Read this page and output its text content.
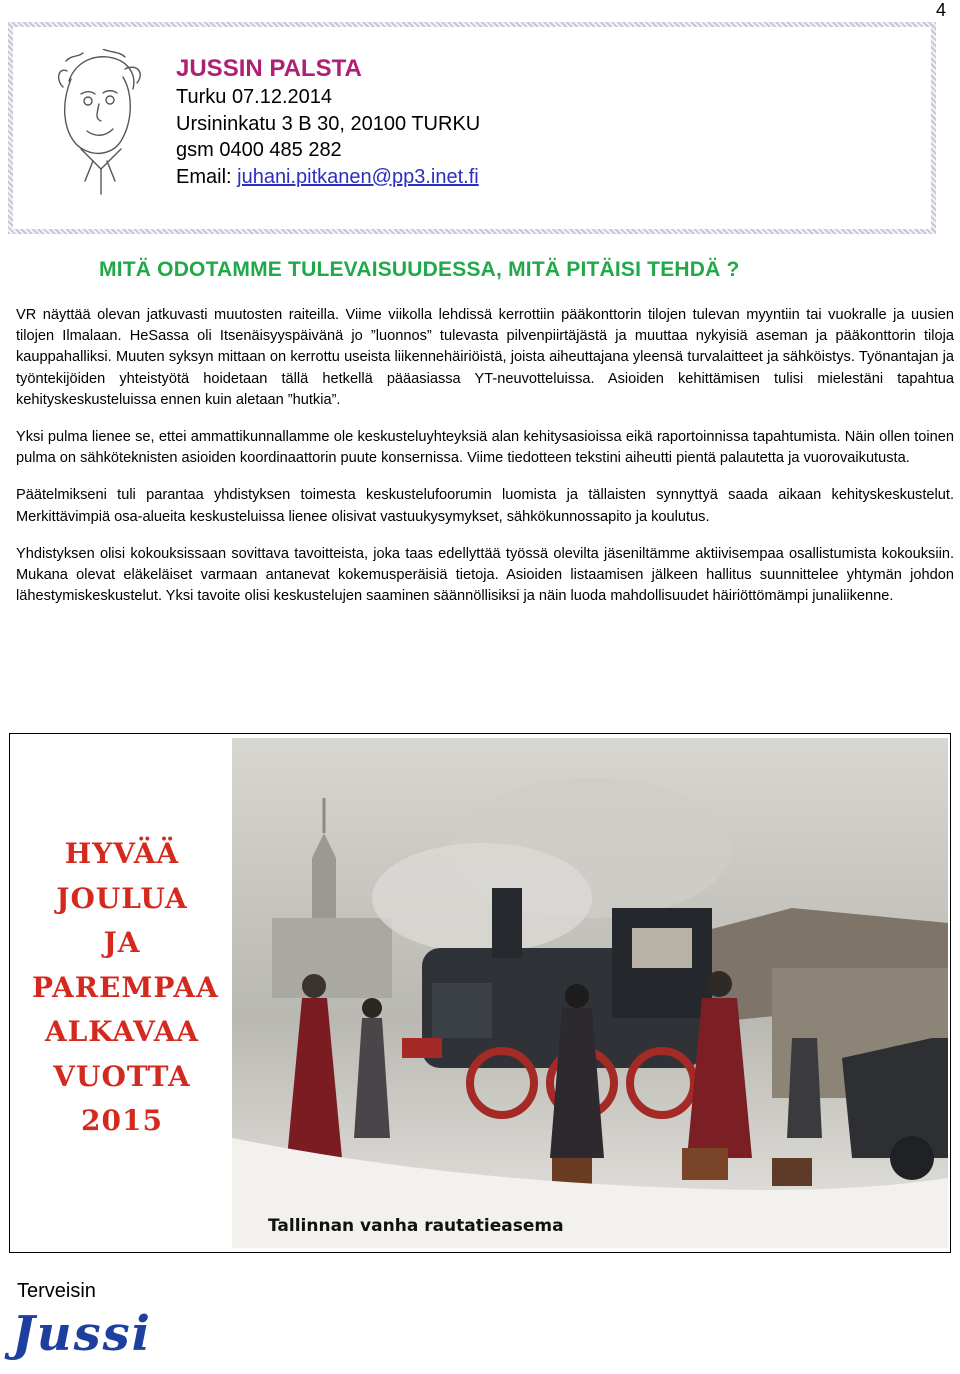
4
JUSSIN PALSTA
Turku 07.12.2014
Ursininkatu 3 B 30, 20100 TURKU
gsm 0400 485 282
Email: juhani.pitkanen@pp3.inet.fi
MITÄ ODOTAMME TULEVAISUUDESSA, MITÄ PITÄISI TEHDÄ ?

VR näyttää olevan jatkuvasti muutosten raiteilla. Viime viikolla lehdissä kerrottiin pääkonttorin tilojen tulevan myyntiin tai vuokralle ja uusien tilojen Ilmalaan. HeSassa oli Itsenäisyyspäivänä jo ”luonnos” tulevasta pilvenpiirtäjästä ja muuttaa nykyisiä aseman ja pääkonttorin tiloja kauppahalliksi. Muuten syksyn mittaan on kerrottu useista liikennehäiriöistä, joista aiheuttajana yleensä turvalaitteet ja sähköistys. Työnantajan ja työntekijöiden yhteistyötä hoidetaan tällä hetkellä pääasiassa YT-neuvotteluissa. Asioiden kehittämisen tulisi mielestäni tapahtua kehityskeskusteluissa ennen kuin aletaan ”hutkia”.

Yksi pulma lienee se, ettei ammattikunnallamme ole keskusteluyhteyksiä alan kehitysasioissa eikä raportoinnissa tapahtumista. Näin ollen toinen pulma on sähköteknisten asioiden koordinaattorin puute konsernissa. Viime tiedotteen tekstini aiheutti pientä palautetta ja vuorovaikutusta.

Päätelmikseni tuli parantaa yhdistyksen toimesta keskustelufoorumin luomista ja tällaisten synnyttyä saada aikaan kehityskeskustelut. Merkittävimpiä osa-alueita keskusteluissa lienee olisivat vastuukysymykset, sähkökunnossapito ja koulutus.

Yhdistyksen olisi kokouksissaan sovittava tavoitteista, joka taas edellyttää työssä olevilta jäseniltämme aktiivisempaa osallistumista kokouksiin. Mukana olevat eläkeläiset varmaan antanevat kokemusperäisiä tietoja. Asioiden listaamisen jälkeen hallitus suunnittelee yhtymän johdon lähestymiskeskustelut. Yksi tavoite olisi keskustelujen saaminen säännöllisiksi ja näin luoda mahdollisuudet häiriöttömämpi junaliikenne.

HYVÄÄ
JOULUA
JA
PAREMPAA
ALKAVAA
VUOTTA
2015
Tallinnan vanha rautatieasema
Terveisin
Jussi
